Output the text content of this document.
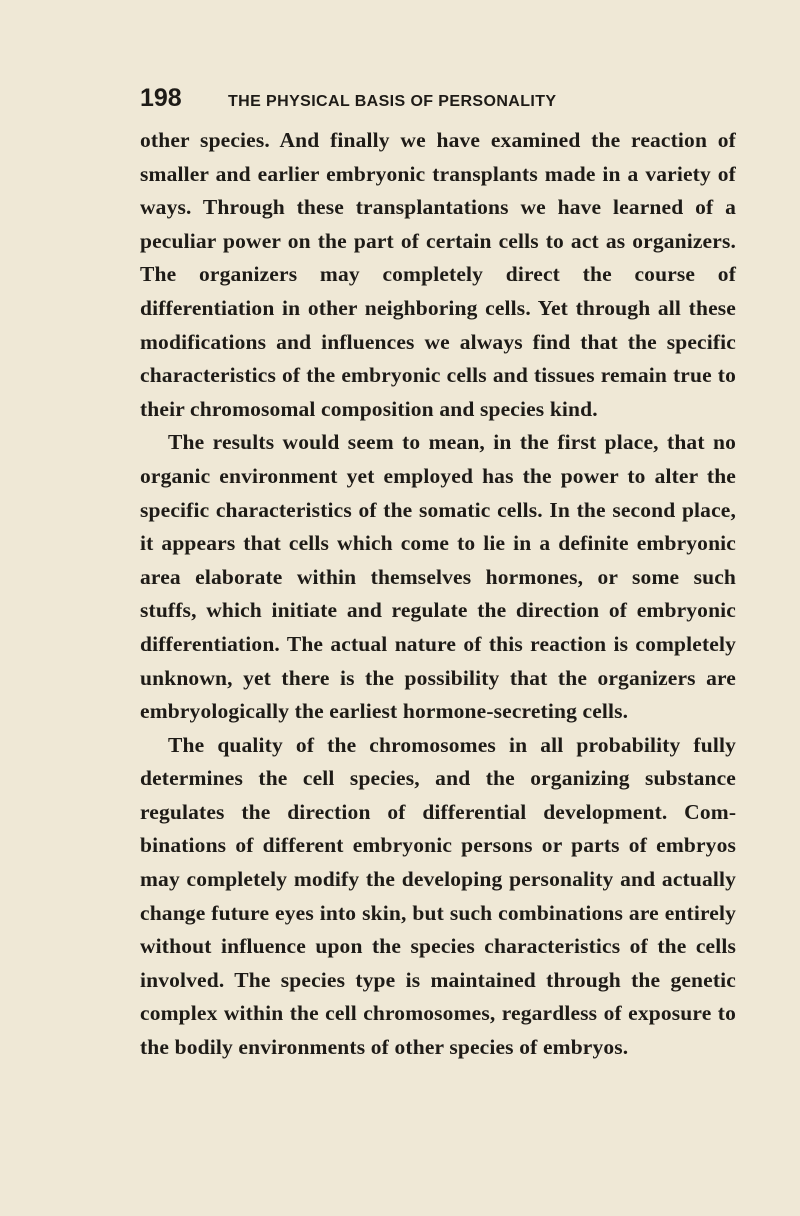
198	THE PHYSICAL BASIS OF PERSONALITY

other species. And finally we have examined the reaction of smaller and earlier embryonic transplants made in a variety of ways. Through these transplantations we have learned of a peculiar power on the part of certain cells to act as organizers. The organizers may completely direct the course of differentiation in other neighboring cells. Yet through all these modifications and influences we always find that the specific characteristics of the embryonic cells and tissues remain true to their chromosomal composition and species kind.

The results would seem to mean, in the first place, that no organic environment yet employed has the power to alter the specific characteristics of the somatic cells. In the second place, it appears that cells which come to lie in a definite embryonic area elaborate within themselves hormones, or some such stuffs, which initiate and regulate the direction of embryonic differentiation. The actual nature of this reaction is completely unknown, yet there is the possibility that the organizers are embryologically the earliest hormone-secreting cells.

The quality of the chromosomes in all probability fully determines the cell species, and the organizing substance regulates the direction of differential development. Combinations of different embryonic persons or parts of embryos may completely modify the developing personality and actually change future eyes into skin, but such combinations are entirely without influence upon the species characteristics of the cells involved. The species type is maintained through the genetic complex within the cell chromosomes, regardless of exposure to the bodily environments of other species of embryos.
